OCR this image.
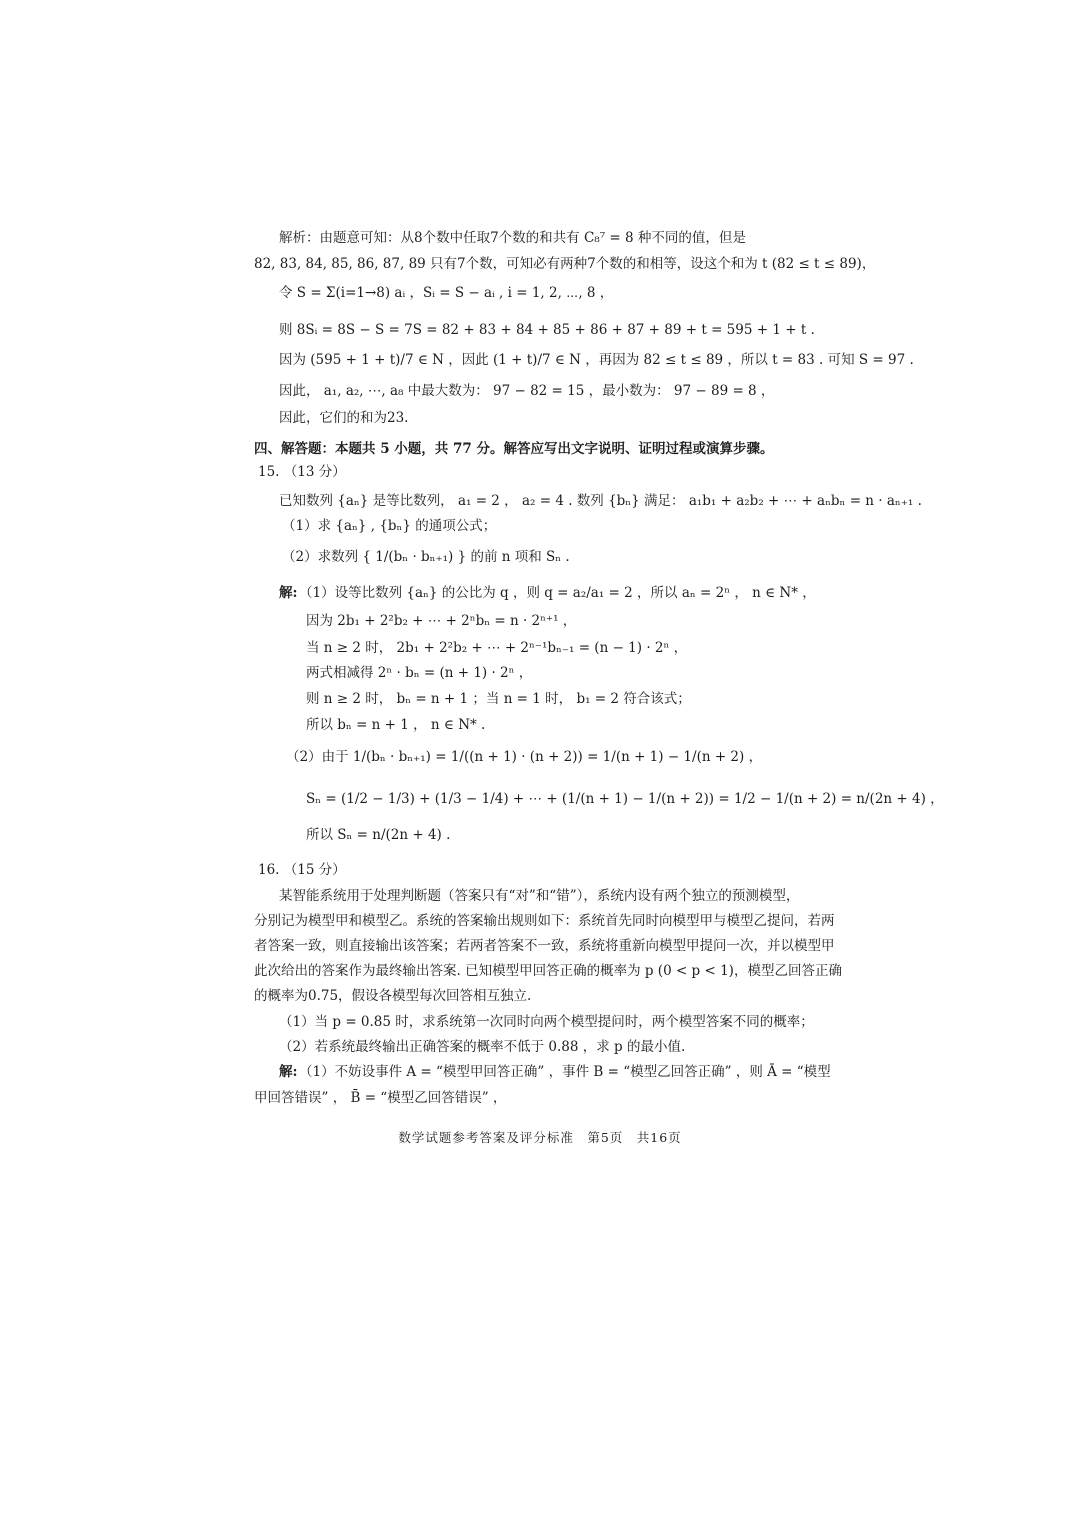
解析：由题意可知：从8个数中任取7个数的和共有 C₈⁷ = 8 种不同的值，但是
82, 83, 84, 85, 86, 87, 89 只有7个数，可知必有两种7个数的和相等，设这个和为 t (82 ≤ t ≤ 89)，
令 S = Σ(i=1→8) aᵢ ，Sᵢ = S − aᵢ , i = 1, 2, ⋯, 8 ，
则 8Sᵢ = 8S − S = 7S = 82 + 83 + 84 + 85 + 86 + 87 + 89 + t = 595 + 1 + t .
因为 (595 + 1 + t)/7 ∈ N ，因此 (1 + t)/7 ∈ N ，再因为 82 ≤ t ≤ 89 ，所以 t = 83 . 可知 S = 97 .
因此， a₁, a₂, ⋯, a₈ 中最大数为： 97 − 82 = 15 ，最小数为： 97 − 89 = 8 ，
因此，它们的和为23.
四、解答题：本题共 5 小题，共 77 分。解答应写出文字说明、证明过程或演算步骤。
15. （13 分）
已知数列 {aₙ} 是等比数列， a₁ = 2 ， a₂ = 4 . 数列 {bₙ} 满足： a₁b₁ + a₂b₂ + ⋯ + aₙbₙ = n · aₙ₊₁ .
（1）求 {aₙ} , {bₙ} 的通项公式；
（2）求数列 { 1/(bₙ · bₙ₊₁) } 的前 n 项和 Sₙ .
解: （1）设等比数列 {aₙ} 的公比为 q ，则 q = a₂/a₁ = 2 ，所以 aₙ = 2ⁿ ， n ∈ N* ，
因为 2b₁ + 2²b₂ + ⋯ + 2ⁿbₙ = n · 2ⁿ⁺¹ ，
当 n ≥ 2 时， 2b₁ + 2²b₂ + ⋯ + 2ⁿ⁻¹bₙ₋₁ = (n − 1) · 2ⁿ ，
两式相减得 2ⁿ · bₙ = (n + 1) · 2ⁿ ，
则 n ≥ 2 时， bₙ = n + 1 ；当 n = 1 时， b₁ = 2 符合该式；
所以 bₙ = n + 1 ， n ∈ N* .
（2）由于 1/(bₙ · bₙ₊₁) = 1/((n + 1) · (n + 2)) = 1/(n + 1) − 1/(n + 2) ，
Sₙ = (1/2 − 1/3) + (1/3 − 1/4) + ⋯ + (1/(n + 1) − 1/(n + 2)) = 1/2 − 1/(n + 2) = n/(2n + 4) ，
所以 Sₙ = n/(2n + 4) .
16. （15 分）
某智能系统用于处理判断题（答案只有“对”和“错”），系统内设有两个独立的预测模型，
分别记为模型甲和模型乙。系统的答案输出规则如下：系统首先同时向模型甲与模型乙提问，若两
者答案一致，则直接输出该答案；若两者答案不一致，系统将重新向模型甲提问一次，并以模型甲
此次给出的答案作为最终输出答案. 已知模型甲回答正确的概率为 p (0 < p < 1)，模型乙回答正确
的概率为0.75，假设各模型每次回答相互独立.
（1）当 p = 0.85 时，求系统第一次同时向两个模型提问时，两个模型答案不同的概率；
（2）若系统最终输出正确答案的概率不低于 0.88 ，求 p 的最小值.
解: （1）不妨设事件 A = “模型甲回答正确” ，事件 B = “模型乙回答正确” ，则 Ā = “模型
甲回答错误” ， B̄ = “模型乙回答错误” ，
数学试题参考答案及评分标准　第5页　共16页
